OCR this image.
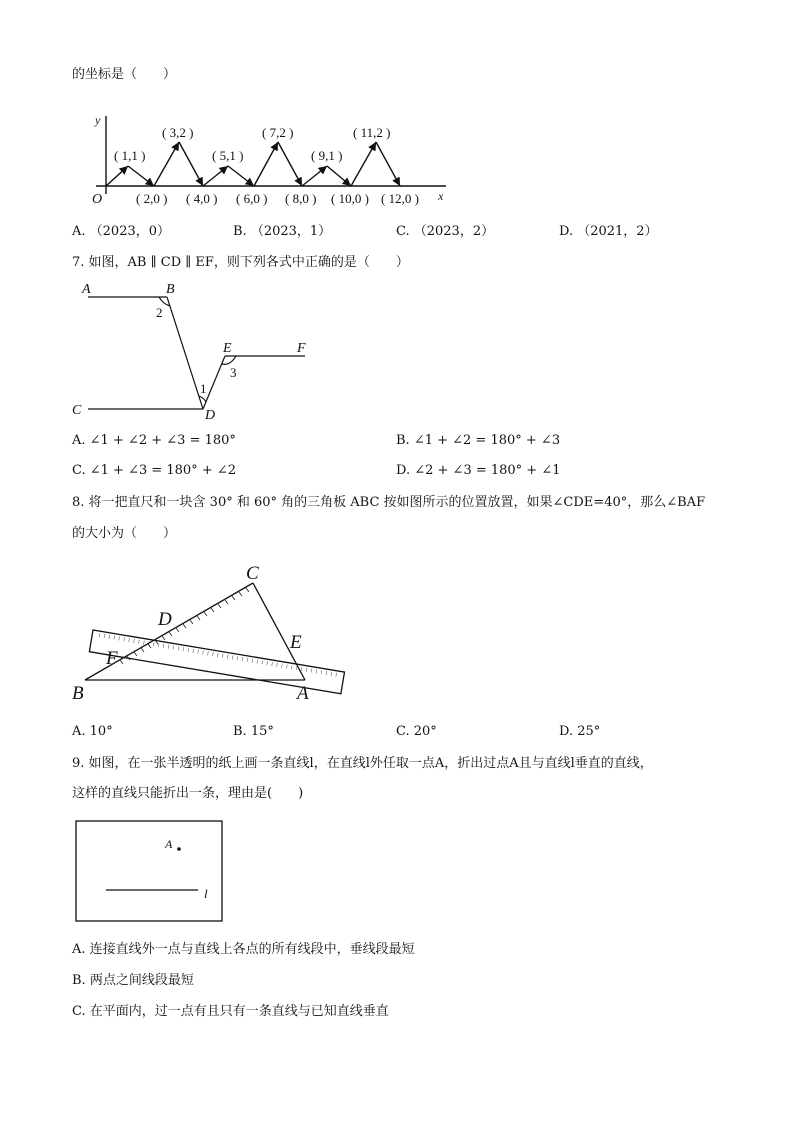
的坐标是（　　）
y
x
O
( 1,1 )
( 3,2 )
( 5,1 )
( 7,2 )
( 9,1 )
( 11,2 )
( 2,0 ) ( 4,0 ) ( 6,0 ) ( 8,0 ) ( 10,0 ) ( 12,0 )
A. （2023，0）	B. （2023，1）	C. （2023，2）	D. （2021，2）
7. 如图，AB ∥ CD ∥ EF，则下列各式中正确的是（　　）
A	B
C	D
E	F
2
1
3
A. ∠1 + ∠2 + ∠3 = 180°	B. ∠1 + ∠2 = 180° + ∠3
C. ∠1 + ∠3 = 180° + ∠2	D. ∠2 + ∠3 = 180° + ∠1
8. 将一把直尺和一块含 30° 和 60° 角的三角板 ABC 按如图所示的位置放置，如果∠CDE=40°，那么∠BAF
的大小为（　　）
C
D
E
F
B	A
A. 10°	B. 15°	C. 20°	D. 25°
9. 如图，在一张半透明的纸上画一条直线l，在直线l外任取一点A，折出过点A且与直线l垂直的直线，
这样的直线只能折出一条，理由是(　　)
A
l
A. 连接直线外一点与直线上各点的所有线段中，垂线段最短
B. 两点之间线段最短
C. 在平面内，过一点有且只有一条直线与已知直线垂直
